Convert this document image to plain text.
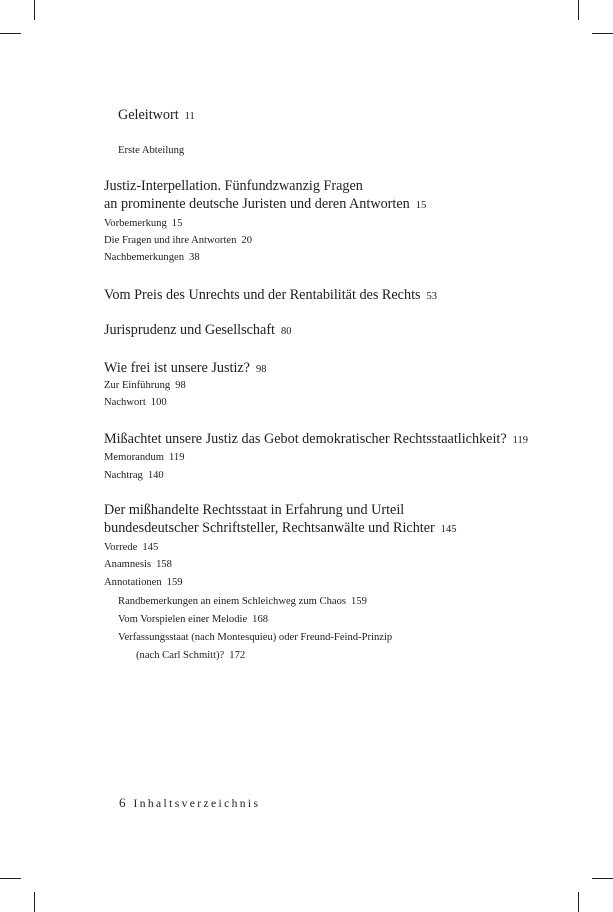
Geleitwort 11
Erste Abteilung
Justiz-Interpellation. Fünfundzwanzig Fragen
an prominente deutsche Juristen und deren Antworten 15
Vorbemerkung 15
Die Fragen und ihre Antworten 20
Nachbemerkungen 38
Vom Preis des Unrechts und der Rentabilität des Rechts 53
Jurisprudenz und Gesellschaft 80
Wie frei ist unsere Justiz? 98
Zur Einführung 98
Nachwort 100
Mißachtet unsere Justiz das Gebot demokratischer Rechtsstaatlichkeit? 119
Memorandum 119
Nachtrag 140
Der mißhandelte Rechtsstaat in Erfahrung und Urteil
bundesdeutscher Schriftsteller, Rechtsanwälte und Richter 145
Vorrede 145
Anamnesis 158
Annotationen 159
Randbemerkungen an einem Schleichweg zum Chaos 159
Vom Vorspielen einer Melodie 168
Verfassungsstaat (nach Montesquieu) oder Freund-Feind-Prinzip
(nach Carl Schmitt)? 172
6 Inhaltsverzeichnis
